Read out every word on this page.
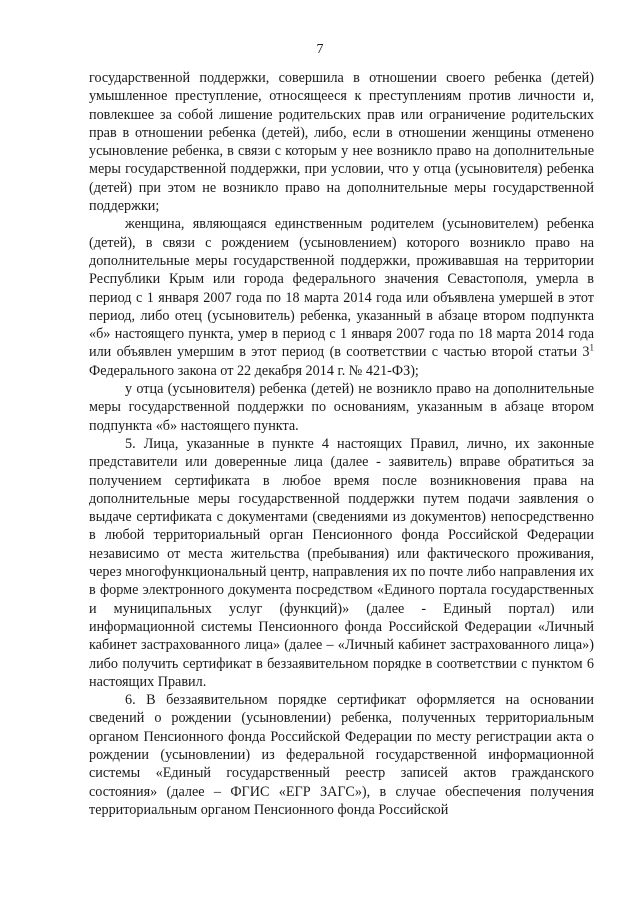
7

государственной поддержки, совершила в отношении своего ребенка (детей) умышленное преступление, относящееся к преступлениям против личности и, повлекшее за собой лишение родительских прав или ограничение родительских прав в отношении ребенка (детей), либо, если в отношении женщины отменено усыновление ребенка, в связи с которым у нее возникло право на дополнительные меры государственной поддержки, при условии, что у отца (усыновителя) ребенка (детей) при этом не возникло право на дополнительные меры государственной поддержки;

женщина, являющаяся единственным родителем (усыновителем) ребенка (детей), в связи с рождением (усыновлением) которого возникло право на дополнительные меры государственной поддержки, проживавшая на территории Республики Крым или города федерального значения Севастополя, умерла в период с 1 января 2007 года по 18 марта 2014 года или объявлена умершей в этот период, либо отец (усыновитель) ребенка, указанный в абзаце втором подпункта «б» настоящего пункта, умер в период с 1 января 2007 года по 18 марта 2014 года или объявлен умершим в этот период (в соответствии с частью второй статьи $3^1$ Федерального закона от 22 декабря 2014 г. № 421-ФЗ);

у отца (усыновителя) ребенка (детей) не возникло право на дополнительные меры государственной поддержки по основаниям, указанным в абзаце втором подпункта «б» настоящего пункта.

5. Лица, указанные в пункте 4 настоящих Правил, лично, их законные представители или доверенные лица (далее - заявитель) вправе обратиться за получением сертификата в любое время после возникновения права на дополнительные меры государственной поддержки путем подачи заявления о выдаче сертификата с документами (сведениями из документов) непосредственно в любой территориальный орган Пенсионного фонда Российской Федерации независимо от места жительства (пребывания) или фактического проживания, через многофункциональный центр, направления их по почте либо направления их в форме электронного документа посредством «Единого портала государственных и муниципальных услуг (функций)» (далее - Единый портал) или информационной системы Пенсионного фонда Российской Федерации «Личный кабинет застрахованного лица» (далее – «Личный кабинет застрахованного лица») либо получить сертификат в беззаявительном порядке в соответствии с пунктом 6 настоящих Правил.

6. В беззаявительном порядке сертификат оформляется на основании сведений о рождении (усыновлении) ребенка, полученных территориальным органом Пенсионного фонда Российской Федерации по месту регистрации акта о рождении (усыновлении) из федеральной государственной информационной системы «Единый государственный реестр записей актов гражданского состояния» (далее – ФГИС «ЕГР ЗАГС»), в случае обеспечения получения территориальным органом Пенсионного фонда Российской
